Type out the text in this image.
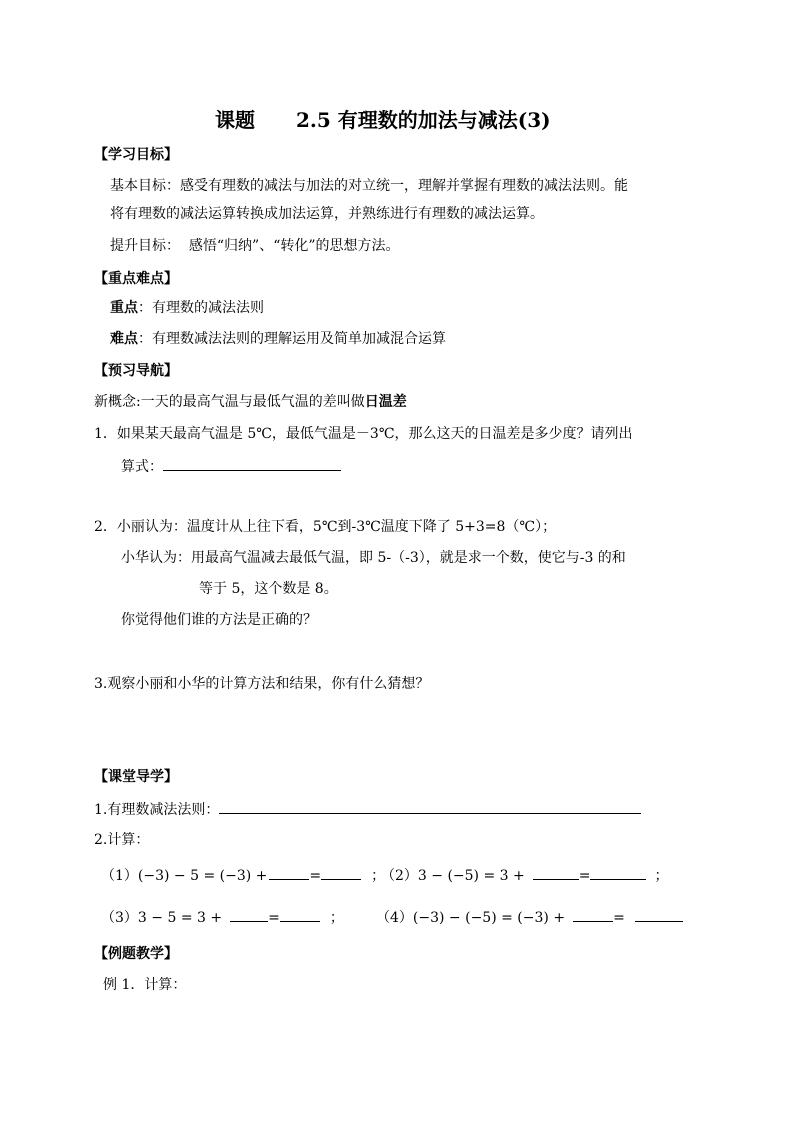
课题 2.5 有理数的加法与减法(3)
【学习目标】
基本目标：感受有理数的减法与加法的对立统一，理解并掌握有理数的减法法则。能
将有理数的减法运算转换成加法运算，并熟练进行有理数的减法运算。
提升目标：  感悟“归纳”、“转化”的思想方法。
【重点难点】
重点：有理数的减法法则
难点：有理数减法法则的理解运用及简单加减混合运算
【预习导航】
新概念:一天的最高气温与最低气温的差叫做日温差
1．如果某天最高气温是 5℃，最低气温是－3℃，那么这天的日温差是多少度？请列出
算式：
2．小丽认为：温度计从上往下看，5℃到-3℃温度下降了 5+3=8（℃）；
小华认为：用最高气温减去最低气温，即 5-（-3），就是求一个数，使它与-3 的和
等于 5，这个数是 8。
你觉得他们谁的方法是正确的？
3.观察小丽和小华的计算方法和结果，你有什么猜想？
【课堂导学】
1.有理数减法法则：
2.计算：
（1）(−3) − 5 = (−3) +	=	；
（2）3 − (−5) = 3 +	=	；
（3）3 − 5 = 3 +	=	； （4）(−3) − (−5) = (−3) +	=
【例题教学】
例 1．计算：
